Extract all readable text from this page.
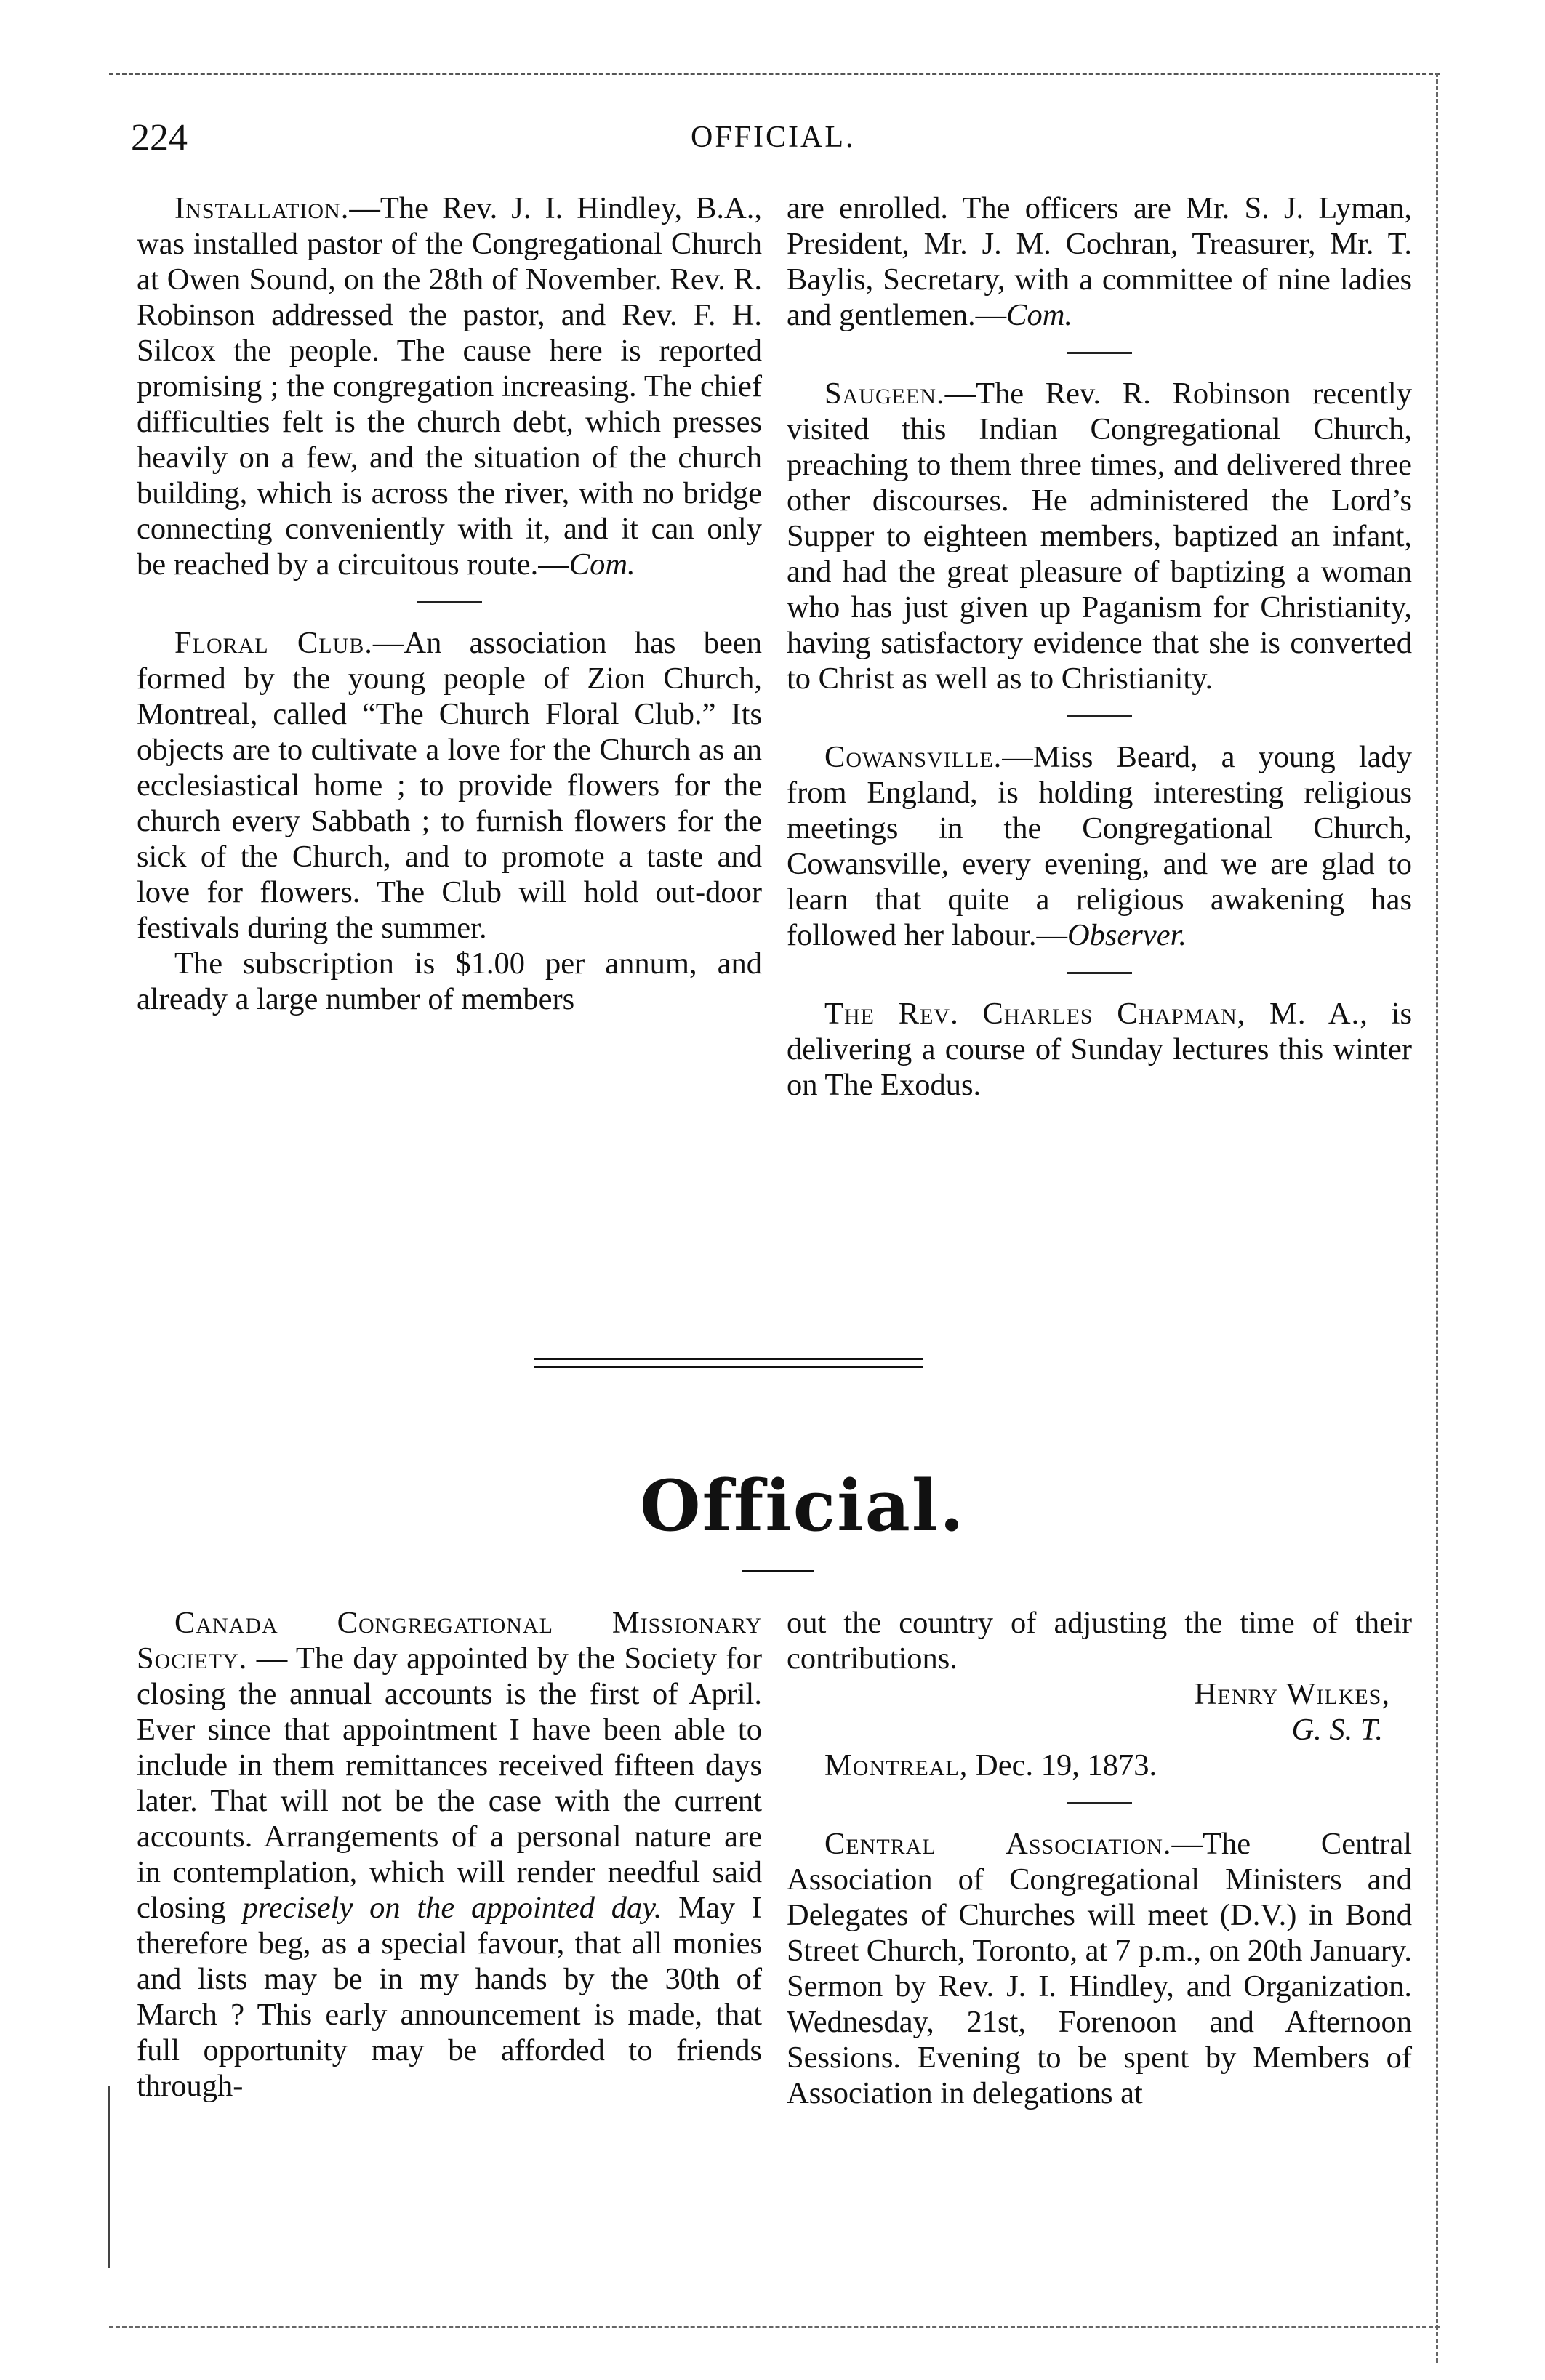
224	OFFICIAL.

Installation.—The Rev. J. I. Hindley, B.A., was installed pastor of the Congregational Church at Owen Sound, on the 28th of November. Rev. R. Robinson addressed the pastor, and Rev. F. H. Silcox the people. The cause here is reported promising ; the congregation increasing. The chief difficulties felt is the church debt, which presses heavily on a few, and the situation of the church building, which is across the river, with no bridge connecting conveniently with it, and it can only be reached by a circuitous route.—Com.

Floral Club.—An association has been formed by the young people of Zion Church, Montreal, called “The Church Floral Club.” Its objects are to cultivate a love for the Church as an ecclesiastical home ; to provide flowers for the church every Sabbath ; to furnish flowers for the sick of the Church, and to promote a taste and love for flowers. The Club will hold out-door festivals during the summer.

The subscription is $1.00 per annum, and already a large number of members

are enrolled. The officers are Mr. S. J. Lyman, President, Mr. J. M. Cochran, Treasurer, Mr. T. Baylis, Secretary, with a committee of nine ladies and gentlemen.—Com.

Saugeen.—The Rev. R. Robinson recently visited this Indian Congregational Church, preaching to them three times, and delivered three other discourses. He administered the Lord’s Supper to eighteen members, baptized an infant, and had the great pleasure of baptizing a woman who has just given up Paganism for Christianity, having satisfactory evidence that she is converted to Christ as well as to Christianity.

Cowansville.—Miss Beard, a young lady from England, is holding interesting religious meetings in the Congregational Church, Cowansville, every evening, and we are glad to learn that quite a religious awakening has followed her labour.—Observer.

The Rev. Charles Chapman, M. A., is delivering a course of Sunday lectures this winter on The Exodus.

Official.

Canada Congregational Missionary Society. — The day appointed by the Society for closing the annual accounts is the first of April. Ever since that appointment I have been able to include in them remittances received fifteen days later. That will not be the case with the current accounts. Arrangements of a personal nature are in contemplation, which will render needful said closing precisely on the appointed day. May I therefore beg, as a special favour, that all monies and lists may be in my hands by the 30th of March ? This early announcement is made, that full opportunity may be afforded to friends through-

out the country of adjusting the time of their contributions.

Henry Wilkes,

G. S. T.

Montreal, Dec. 19, 1873.

Central Association.—The Central Association of Congregational Ministers and Delegates of Churches will meet (D.V.) in Bond Street Church, Toronto, at 7 p.m., on 20th January. Sermon by Rev. J. I. Hindley, and Organization. Wednesday, 21st, Forenoon and Afternoon Sessions. Evening to be spent by Members of Association in delegations at
